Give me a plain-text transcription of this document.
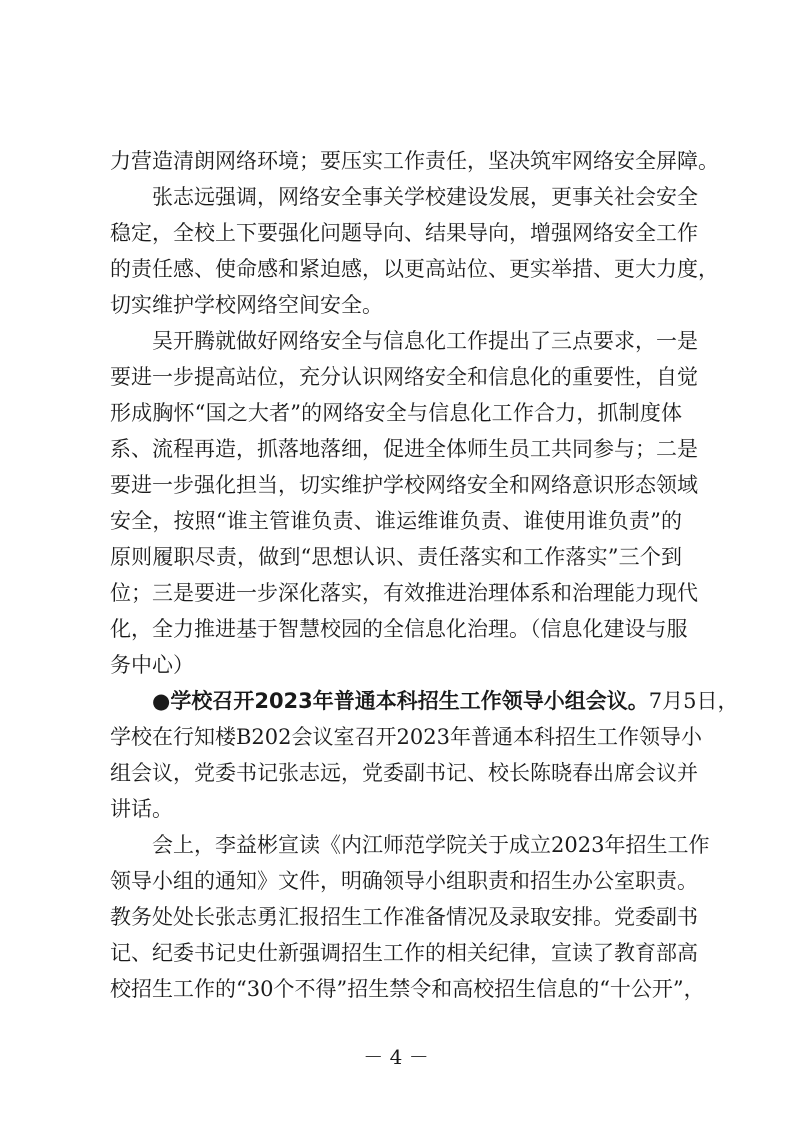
力营造清朗网络环境；要压实工作责任，坚决筑牢网络安全屏障。
张志远强调，网络安全事关学校建设发展，更事关社会安全
稳定，全校上下要强化问题导向、结果导向，增强网络安全工作
的责任感、使命感和紧迫感，以更高站位、更实举措、更大力度，
切实维护学校网络空间安全。
吴开腾就做好网络安全与信息化工作提出了三点要求，一是
要进一步提高站位，充分认识网络安全和信息化的重要性，自觉
形成胸怀“国之大者”的网络安全与信息化工作合力，抓制度体
系、流程再造，抓落地落细，促进全体师生员工共同参与；二是
要进一步强化担当，切实维护学校网络安全和网络意识形态领域
安全，按照“谁主管谁负责、谁运维谁负责、谁使用谁负责”的
原则履职尽责，做到“思想认识、责任落实和工作落实”三个到
位；三是要进一步深化落实，有效推进治理体系和治理能力现代
化，全力推进基于智慧校园的全信息化治理。（信息化建设与服
务中心）
●学校召开2023年普通本科招生工作领导小组会议。7月5日，
学校在行知楼B202会议室召开2023年普通本科招生工作领导小
组会议，党委书记张志远，党委副书记、校长陈晓春出席会议并
讲话。
会上，李益彬宣读《内江师范学院关于成立2023年招生工作
领导小组的通知》文件，明确领导小组职责和招生办公室职责。
教务处处长张志勇汇报招生工作准备情况及录取安排。党委副书
记、纪委书记史仕新强调招生工作的相关纪律，宣读了教育部高
校招生工作的“30个不得”招生禁令和高校招生信息的“十公开”，
－ 4 －
